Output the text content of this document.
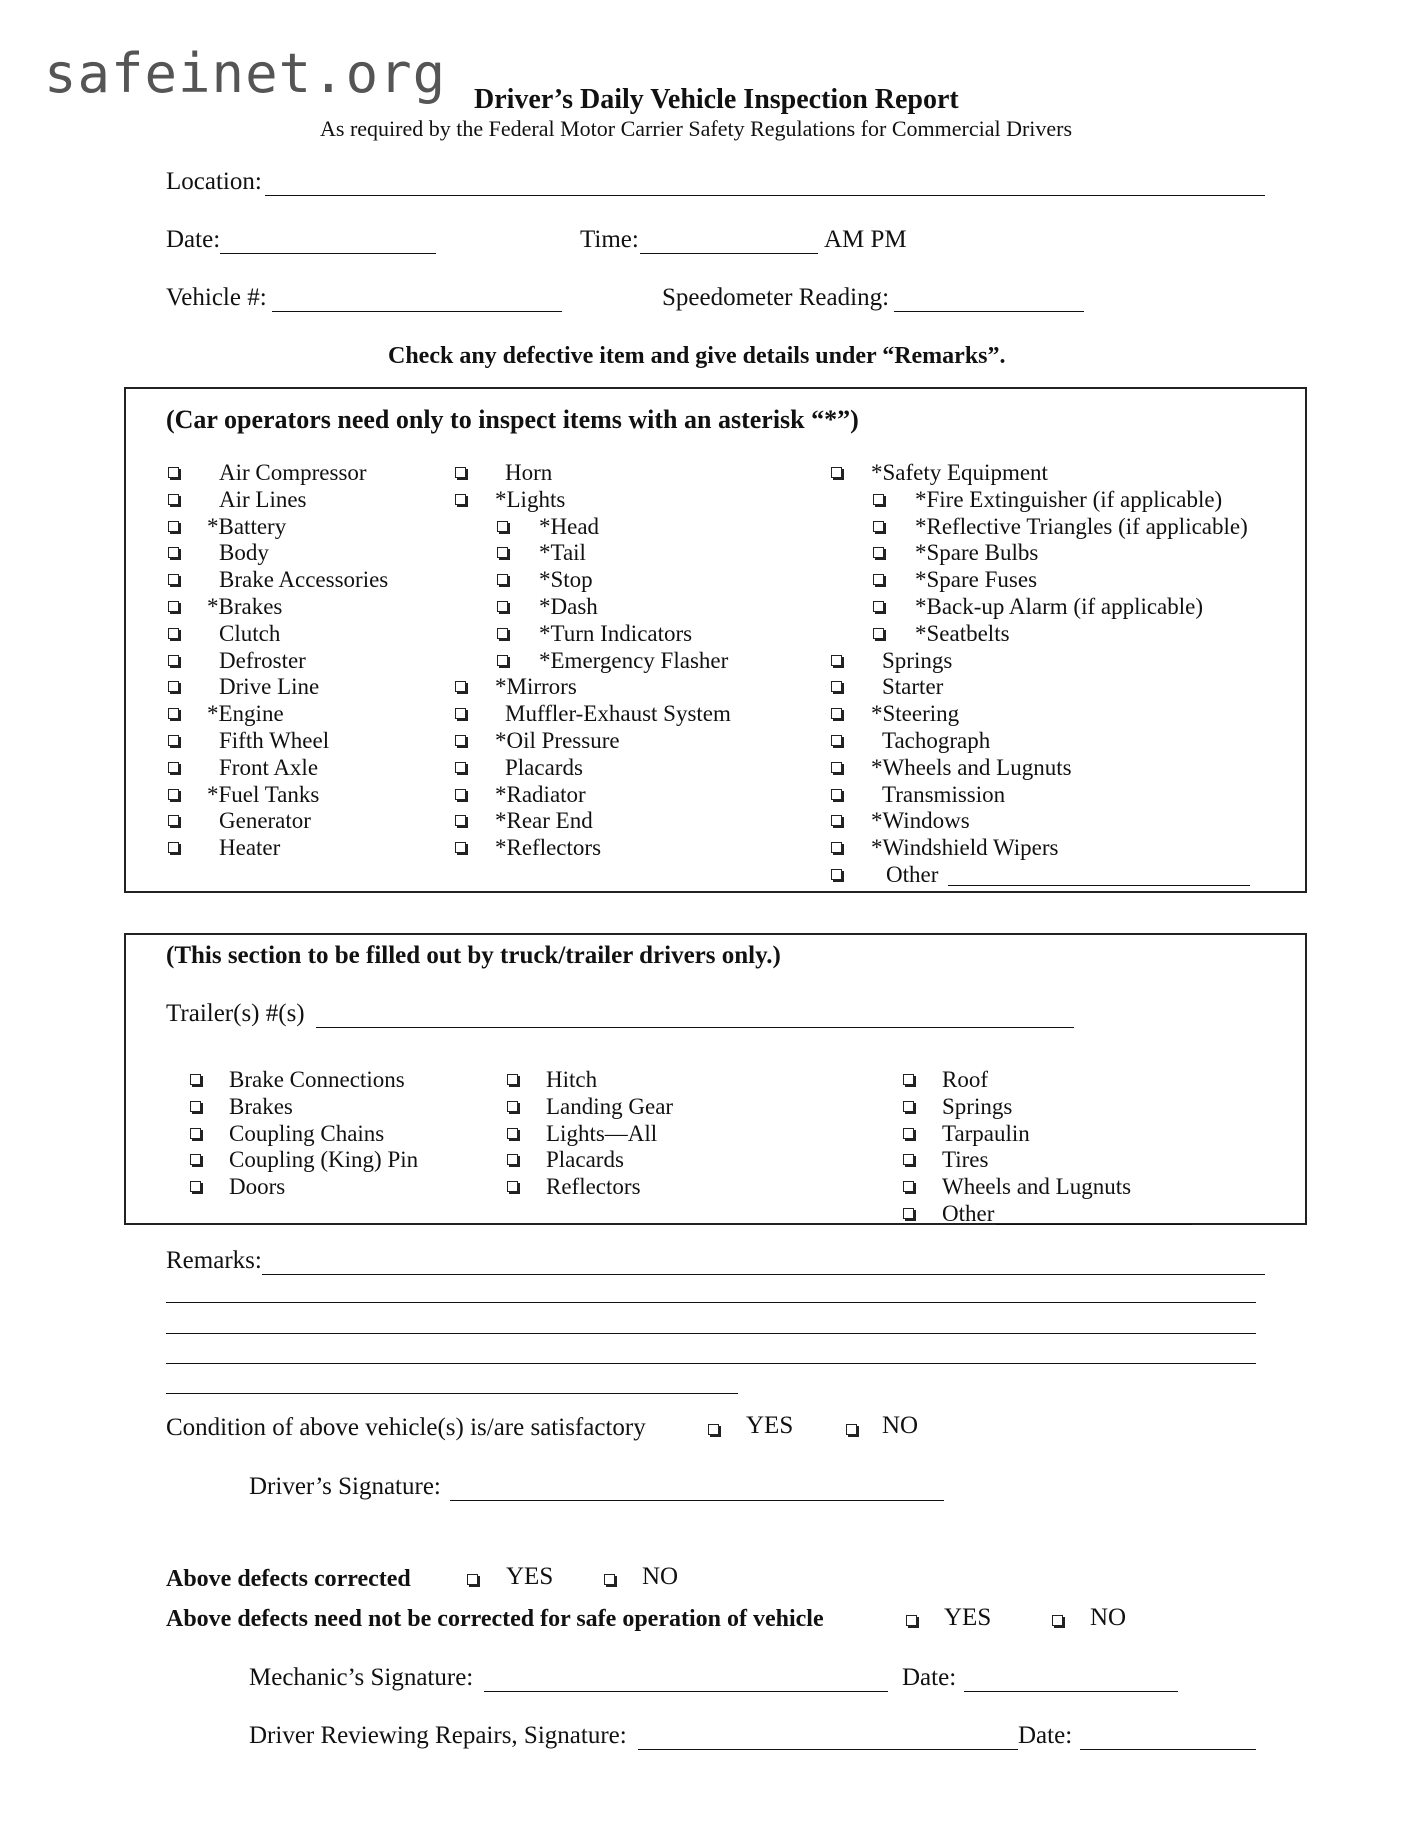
safeinet.org Driver’s Daily Vehicle Inspection Report
As required by the Federal Motor Carrier Safety Regulations for Commercial Drivers
Location:
Date:	Time:	AM PM
Vehicle #:	Speedometer Reading:
Check any defective item and give details under “Remarks”.
(Car operators need only to inspect items with an asterisk “*”)
Air Compressor
Air Lines
*Battery
Body
Brake Accessories
*Brakes
Clutch
Defroster
Drive Line
*Engine
Fifth Wheel
Front Axle
*Fuel Tanks
Generator
Heater
Horn
*Lights
*Head
*Tail
*Stop
*Dash
*Turn Indicators
*Emergency Flasher
*Mirrors
Muffler-Exhaust System
*Oil Pressure
Placards
*Radiator
*Rear End
*Reflectors
*Safety Equipment
*Fire Extinguisher (if applicable)
*Reflective Triangles (if applicable)
*Spare Bulbs
*Spare Fuses
*Back-up Alarm (if applicable)
*Seatbelts
Springs
Starter
*Steering
Tachograph
*Wheels and Lugnuts
Transmission
*Windows
*Windshield Wipers
Other
(This section to be filled out by truck/trailer drivers only.)
Trailer(s) #(s)
Brake Connections
Brakes
Coupling Chains
Coupling (King) Pin
Doors
Hitch
Landing Gear
Lights—All
Placards
Reflectors
Roof
Springs
Tarpaulin
Tires
Wheels and Lugnuts
Other
Remarks:
Condition of above vehicle(s) is/are satisfactory	YES	NO
Driver’s Signature:
Above defects corrected	YES	NO
Above defects need not be corrected for safe operation of vehicle	YES	NO
Mechanic’s Signature:	Date:
Driver Reviewing Repairs, Signature:	Date:
